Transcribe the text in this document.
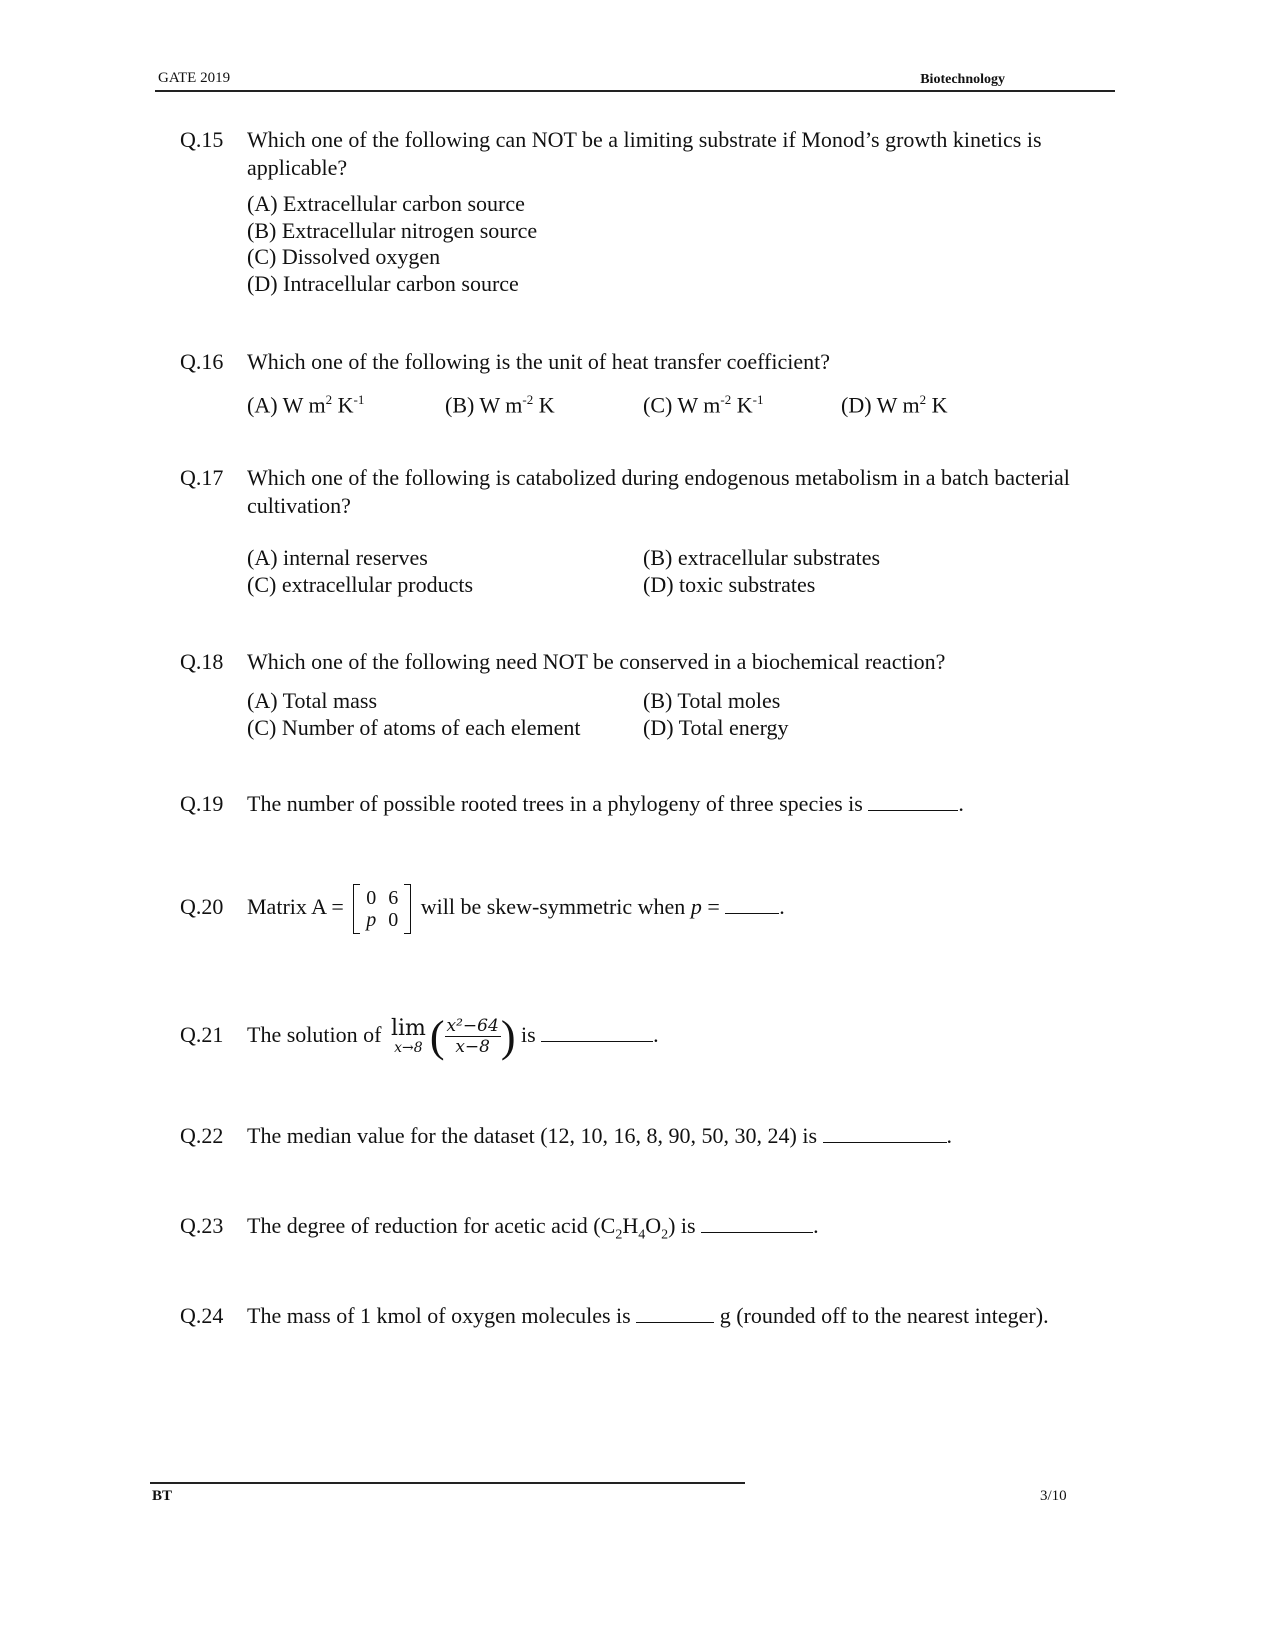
GATE 2019	Biotechnology
Q.15	Which one of the following can NOT be a limiting substrate if Monod’s growth kinetics is applicable?
(A) Extracellular carbon source
(B) Extracellular nitrogen source
(C) Dissolved oxygen
(D) Intracellular carbon source
Q.16	Which one of the following is the unit of heat transfer coefficient?
(A) W $m^2$ $K^{-1}$	(B) W $m^{-2}$ K	(C) W $m^{-2}$ $K^{-1}$	(D) W $m^2$ K
Q.17	Which one of the following is catabolized during endogenous metabolism in a batch bacterial cultivation?
(A) internal reserves	(B) extracellular substrates
(C) extracellular products	(D) toxic substrates
Q.18	Which one of the following need NOT be conserved in a biochemical reaction?
(A) Total mass	(B) Total moles
(C) Number of atoms of each element	(D) Total energy
Q.19	The number of possible rooted trees in a phylogeny of three species is	.
Q.20	Matrix A =	0 6
p 0
will be skew-symmetric when p =	.
Q.21	The solution of lim
x→8 ( $\frac{\text{x²−64}}{x-8}$ ) is	.
Q.22	The median value for the dataset (12, 10, 16, 8, 90, 50, 30, 24) is	.
Q.23	The degree of reduction for acetic acid $(C_2H_4O_2)$ is	.
Q.24	The mass of 1 kmol of oxygen molecules is	g (rounded off to the nearest integer).
BT	3/10
